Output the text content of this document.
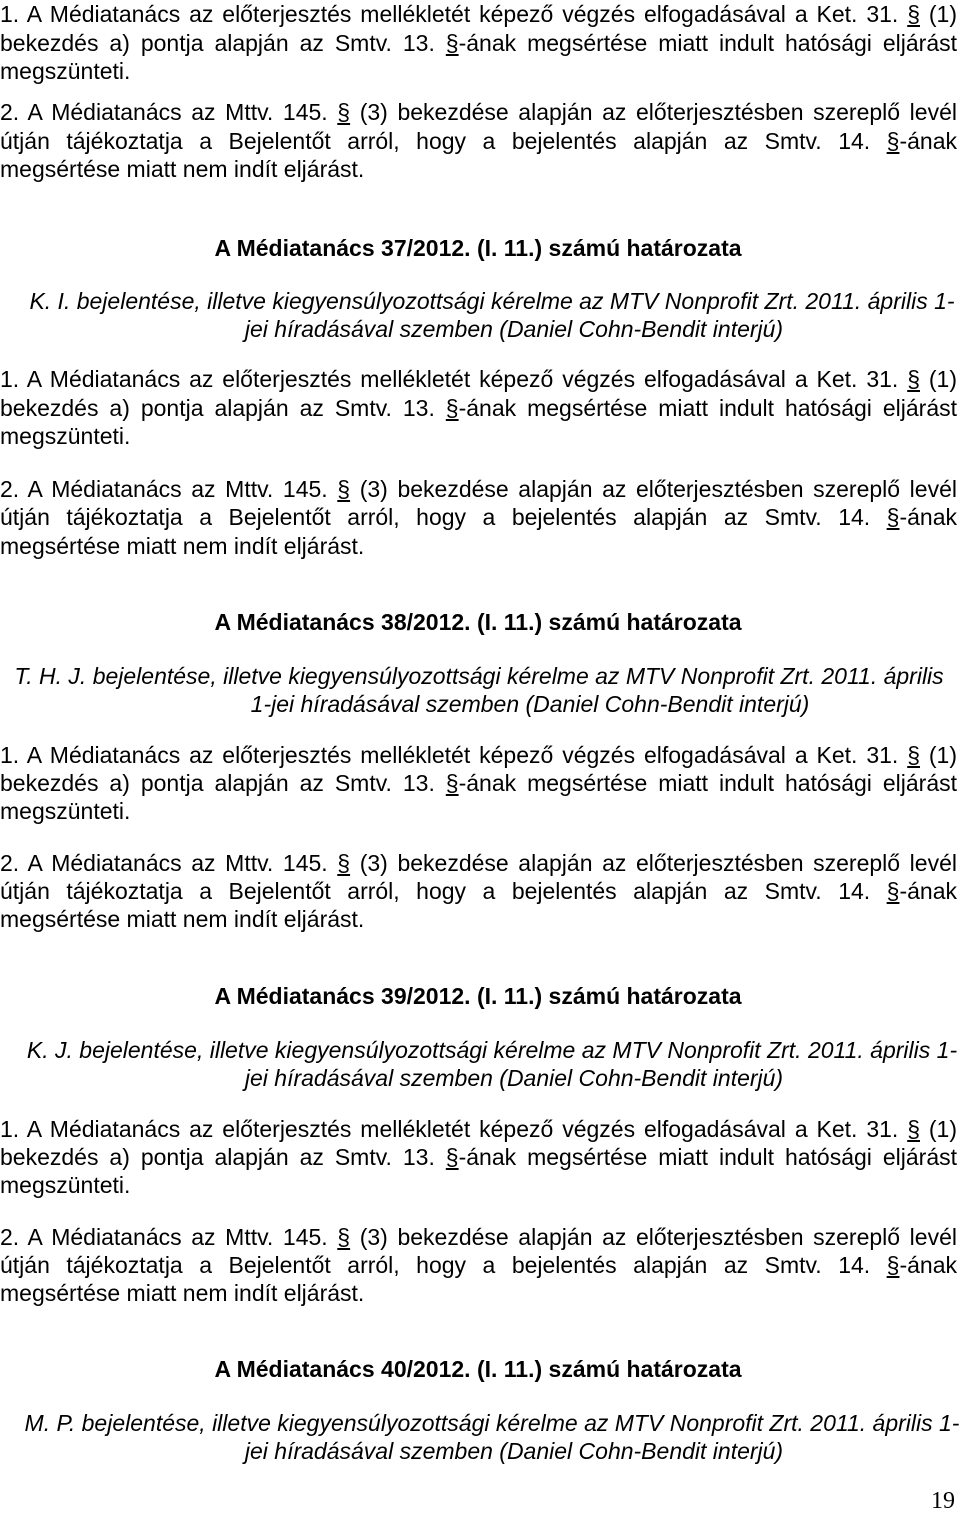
1. A Médiatanács az előterjesztés mellékletét képező végzés elfogadásával a Ket. 31. § (1)
bekezdés a) pontja alapján az Smtv. 13. §-ának megsértése miatt indult hatósági eljárást
megszünteti.
2. A Médiatanács az Mttv. 145. § (3) bekezdése alapján az előterjesztésben szereplő levél
útján tájékoztatja a Bejelentőt arról, hogy a bejelentés alapján az Smtv. 14. §-ának
megsértése miatt nem indít eljárást.
A Médiatanács 37/2012. (I. 11.) számú határozata
K. I. bejelentése, illetve kiegyensúlyozottsági kérelme az MTV Nonprofit Zrt. 2011. április 1-
jei híradásával szemben (Daniel Cohn-Bendit interjú)
1. A Médiatanács az előterjesztés mellékletét képező végzés elfogadásával a Ket. 31. § (1)
bekezdés a) pontja alapján az Smtv. 13. §-ának megsértése miatt indult hatósági eljárást
megszünteti.
2. A Médiatanács az Mttv. 145. § (3) bekezdése alapján az előterjesztésben szereplő levél
útján tájékoztatja a Bejelentőt arról, hogy a bejelentés alapján az Smtv. 14. §-ának
megsértése miatt nem indít eljárást.
A Médiatanács 38/2012. (I. 11.) számú határozata
T. H. J. bejelentése, illetve kiegyensúlyozottsági kérelme az MTV Nonprofit Zrt. 2011. április
1-jei híradásával szemben (Daniel Cohn-Bendit interjú)
1. A Médiatanács az előterjesztés mellékletét képező végzés elfogadásával a Ket. 31. § (1)
bekezdés a) pontja alapján az Smtv. 13. §-ának megsértése miatt indult hatósági eljárást
megszünteti.
2. A Médiatanács az Mttv. 145. § (3) bekezdése alapján az előterjesztésben szereplő levél
útján tájékoztatja a Bejelentőt arról, hogy a bejelentés alapján az Smtv. 14. §-ának
megsértése miatt nem indít eljárást.
A Médiatanács 39/2012. (I. 11.) számú határozata
K. J. bejelentése, illetve kiegyensúlyozottsági kérelme az MTV Nonprofit Zrt. 2011. április 1-
jei híradásával szemben (Daniel Cohn-Bendit interjú)
1. A Médiatanács az előterjesztés mellékletét képező végzés elfogadásával a Ket. 31. § (1)
bekezdés a) pontja alapján az Smtv. 13. §-ának megsértése miatt indult hatósági eljárást
megszünteti.
2. A Médiatanács az Mttv. 145. § (3) bekezdése alapján az előterjesztésben szereplő levél
útján tájékoztatja a Bejelentőt arról, hogy a bejelentés alapján az Smtv. 14. §-ának
megsértése miatt nem indít eljárást.
A Médiatanács 40/2012. (I. 11.) számú határozata
M. P. bejelentése, illetve kiegyensúlyozottsági kérelme az MTV Nonprofit Zrt. 2011. április 1-
jei híradásával szemben (Daniel Cohn-Bendit interjú)
19
